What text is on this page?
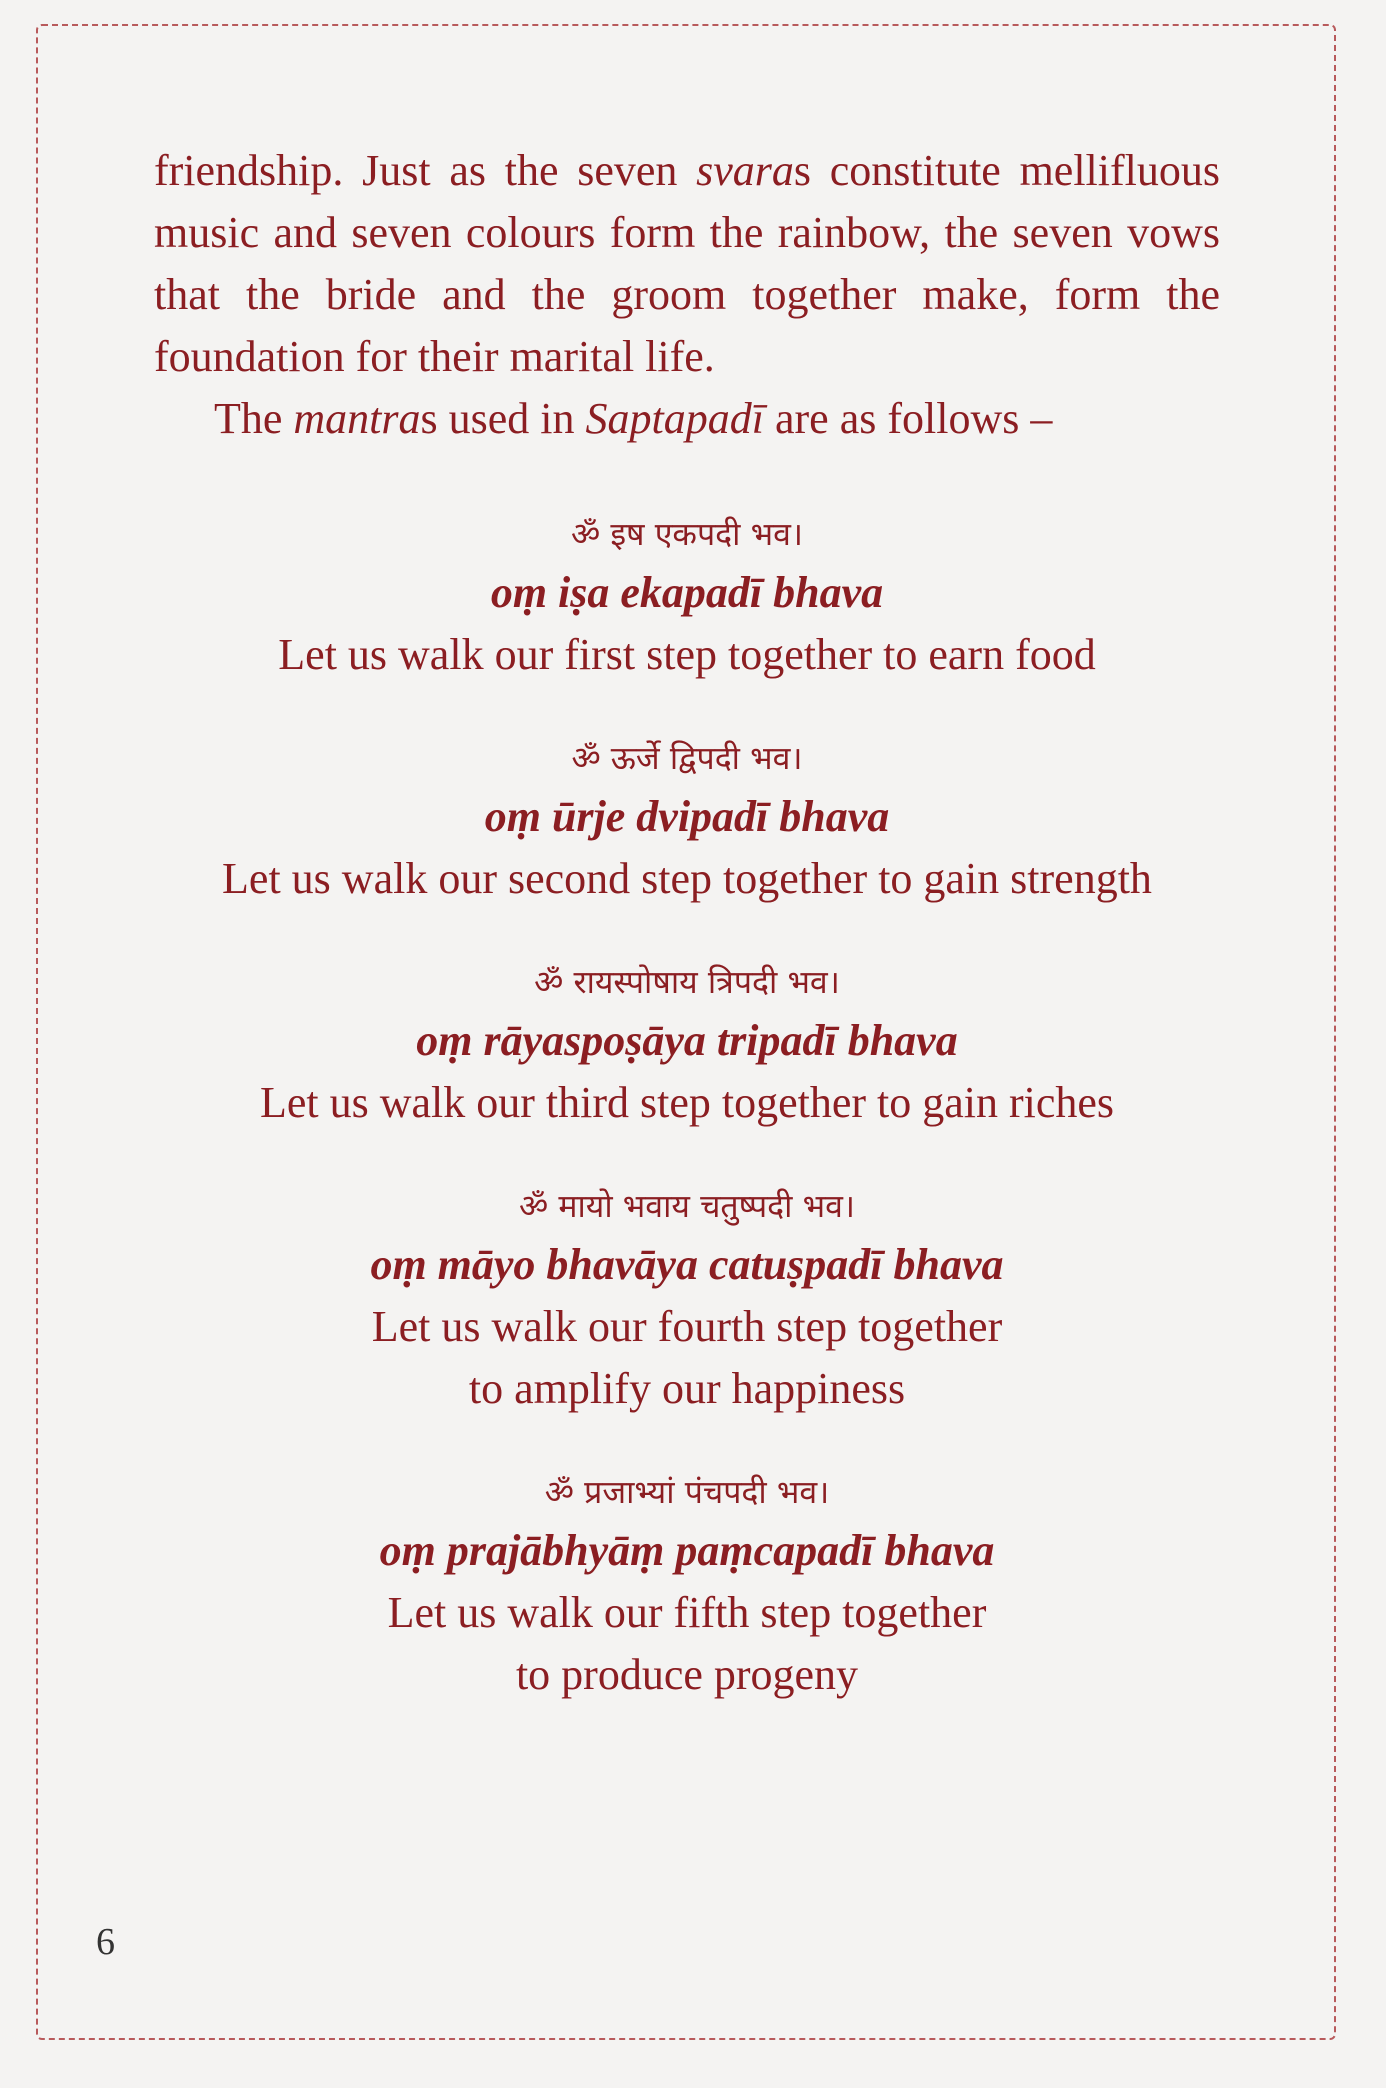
friendship. Just as the seven svaras constitute mellifluous music and seven colours form the rainbow, the seven vows that the bride and the groom together make, form the foundation for their marital life.

The mantras used in Saptapadī are as follows –

ॐ इष एकपदी भव।
oṃ iṣa ekapadī bhava
Let us walk our first step together to earn food
ॐ ऊर्जे द्विपदी भव।
oṃ ūrje dvipadī bhava
Let us walk our second step together to gain strength
ॐ रायस्पोषाय त्रिपदी भव।
oṃ rāyaspoṣāya tripadī bhava
Let us walk our third step together to gain riches
ॐ मायो भवाय चतुष्पदी भव।
oṃ māyo bhavāya catuṣpadī bhava
Let us walk our fourth step together
to amplify our happiness
ॐ प्रजाभ्यां पंचपदी भव।
oṃ prajābhyāṃ paṃcapadī bhava
Let us walk our fifth step together
to produce progeny
6
